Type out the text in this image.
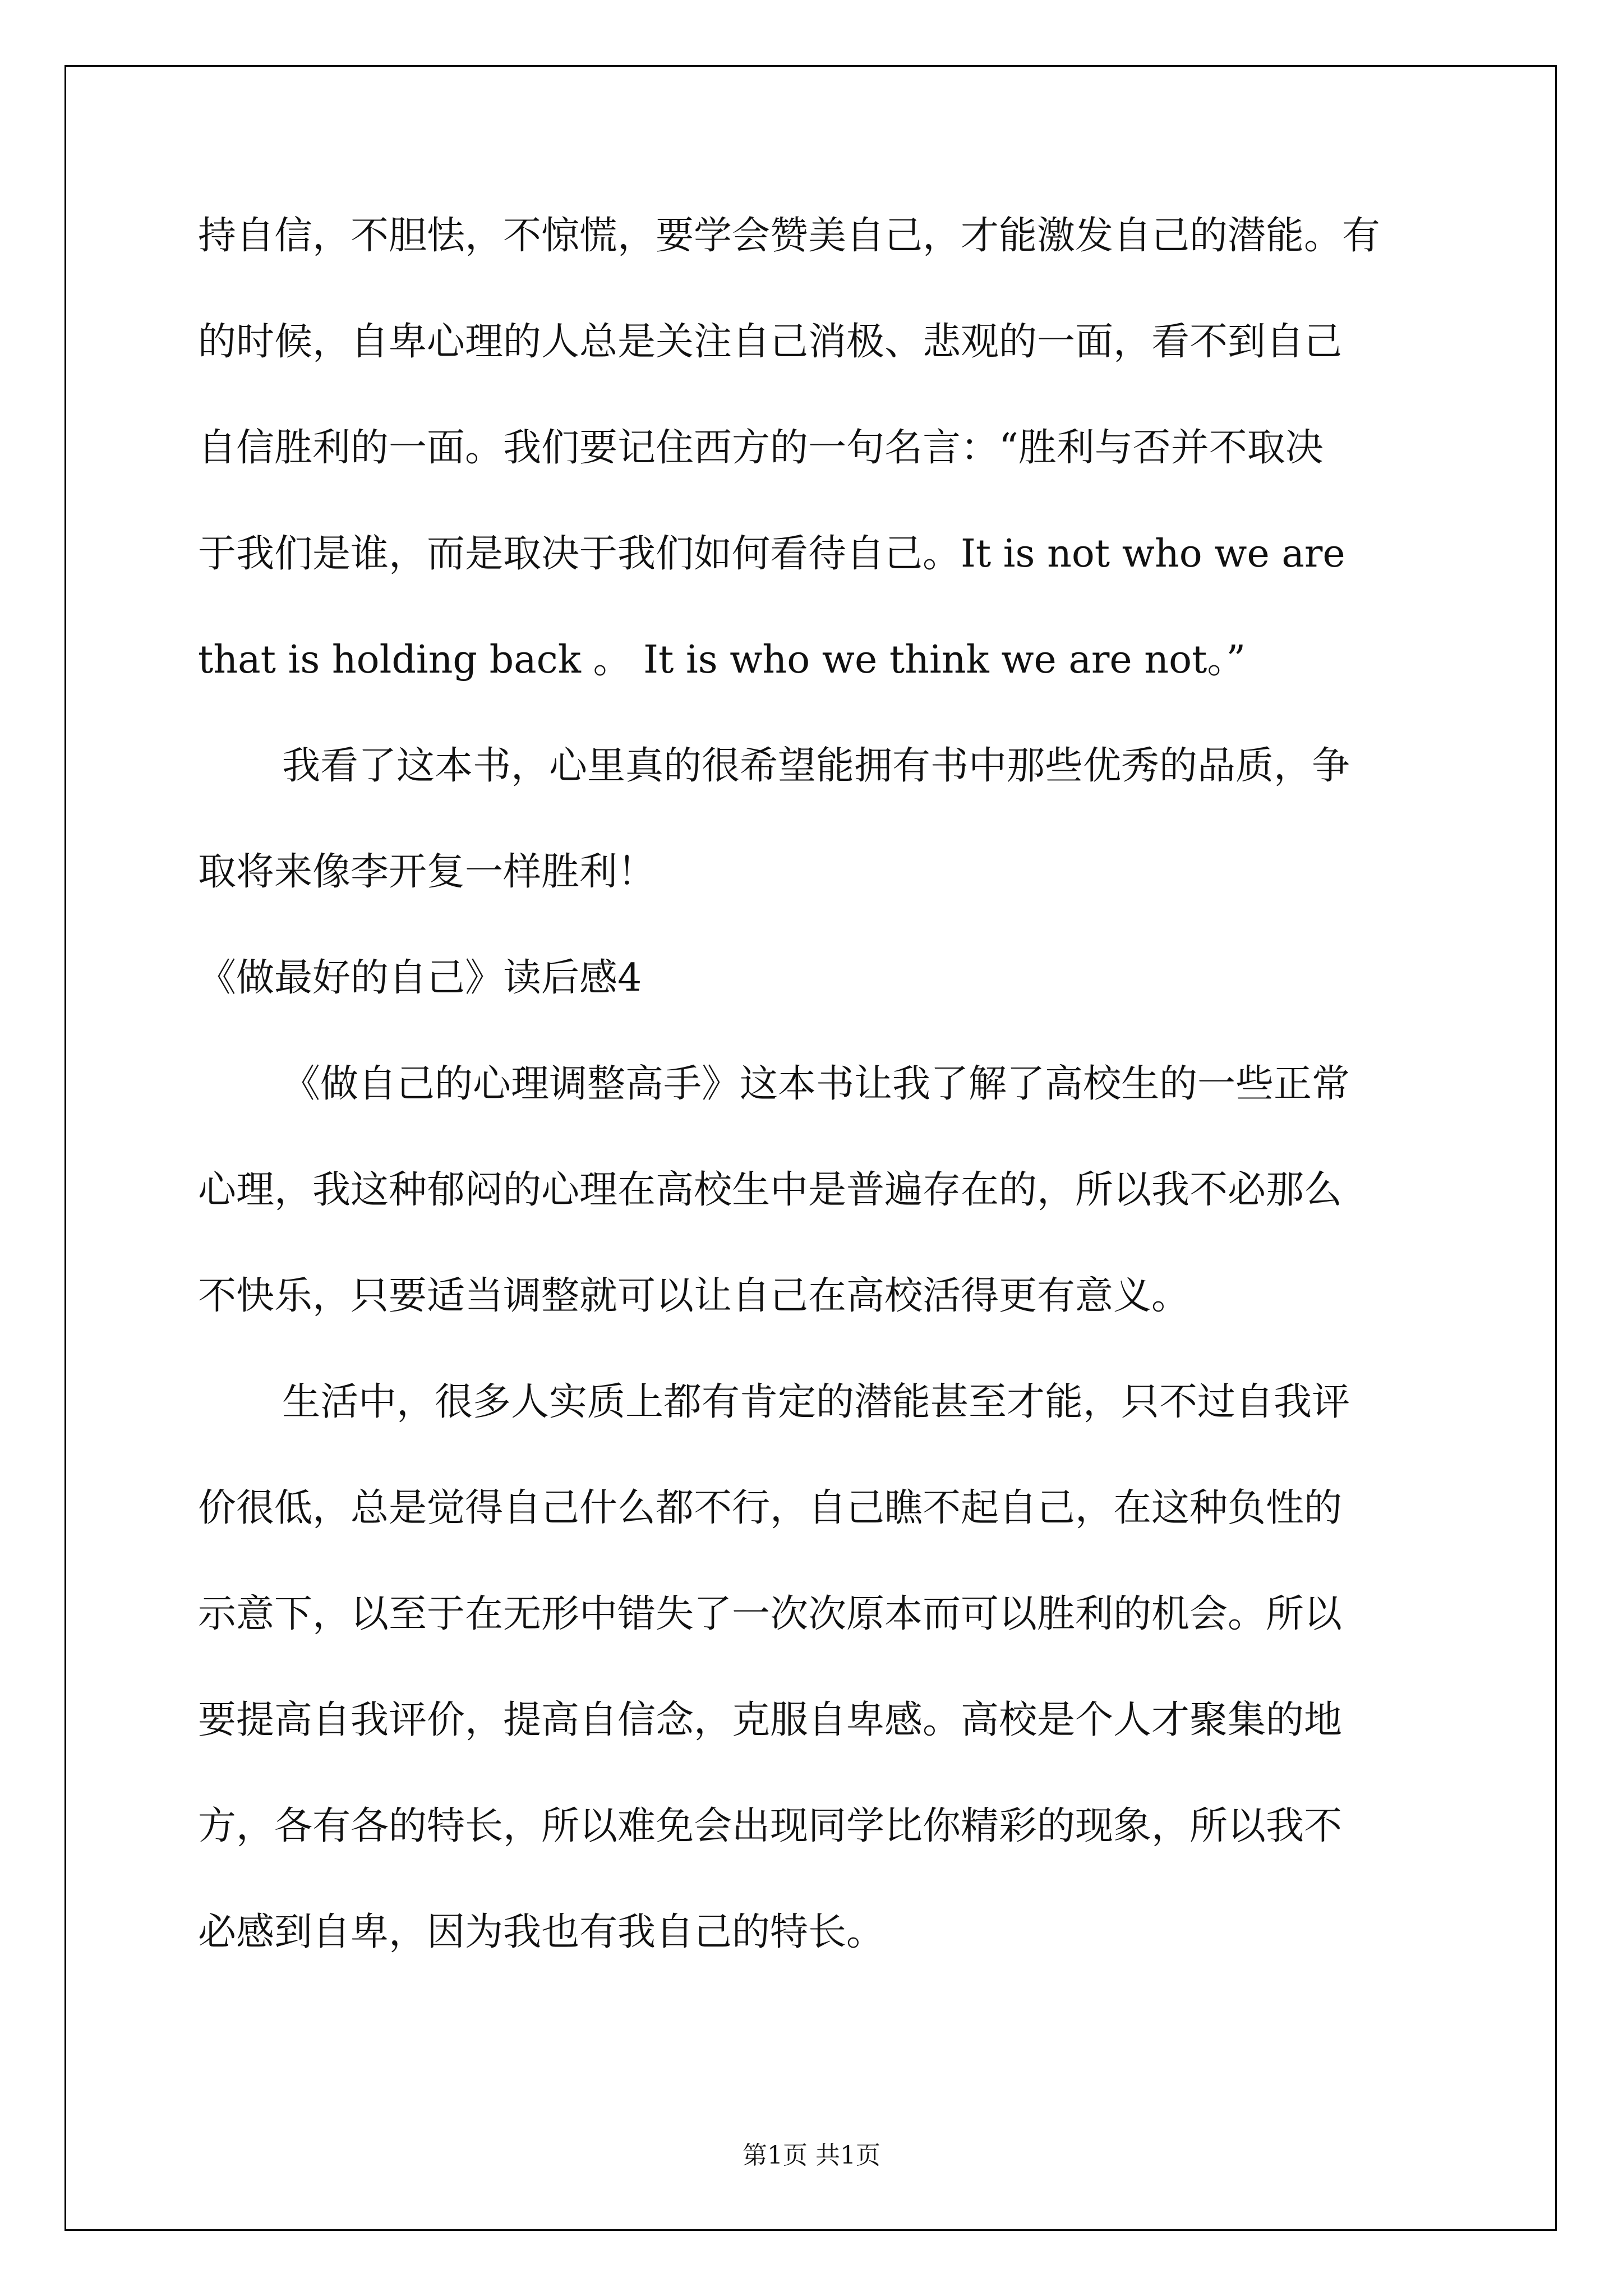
持自信，不胆怯，不惊慌，要学会赞美自己，才能激发自己的潜能。有
的时候，自卑心理的人总是关注自己消极、悲观的一面，看不到自己
自信胜利的一面。我们要记住西方的一句名言：“胜利与否并不取决
于我们是谁，而是取决于我们如何看待自己。It is not who we are
that is holding back 。 It is who we think we are not。”
我看了这本书，心里真的很希望能拥有书中那些优秀的品质，争
取将来像李开复一样胜利！
《做最好的自己》读后感4
《做自己的心理调整高手》这本书让我了解了高校生的一些正常
心理，我这种郁闷的心理在高校生中是普遍存在的，所以我不必那么
不快乐，只要适当调整就可以让自己在高校活得更有意义。
生活中，很多人实质上都有肯定的潜能甚至才能，只不过自我评
价很低，总是觉得自己什么都不行，自己瞧不起自己，在这种负性的
示意下，以至于在无形中错失了一次次原本而可以胜利的机会。所以
要提高自我评价，提高自信念，克服自卑感。高校是个人才聚集的地
方，各有各的特长，所以难免会出现同学比你精彩的现象，所以我不
必感到自卑，因为我也有我自己的特长。
第1页 共1页
